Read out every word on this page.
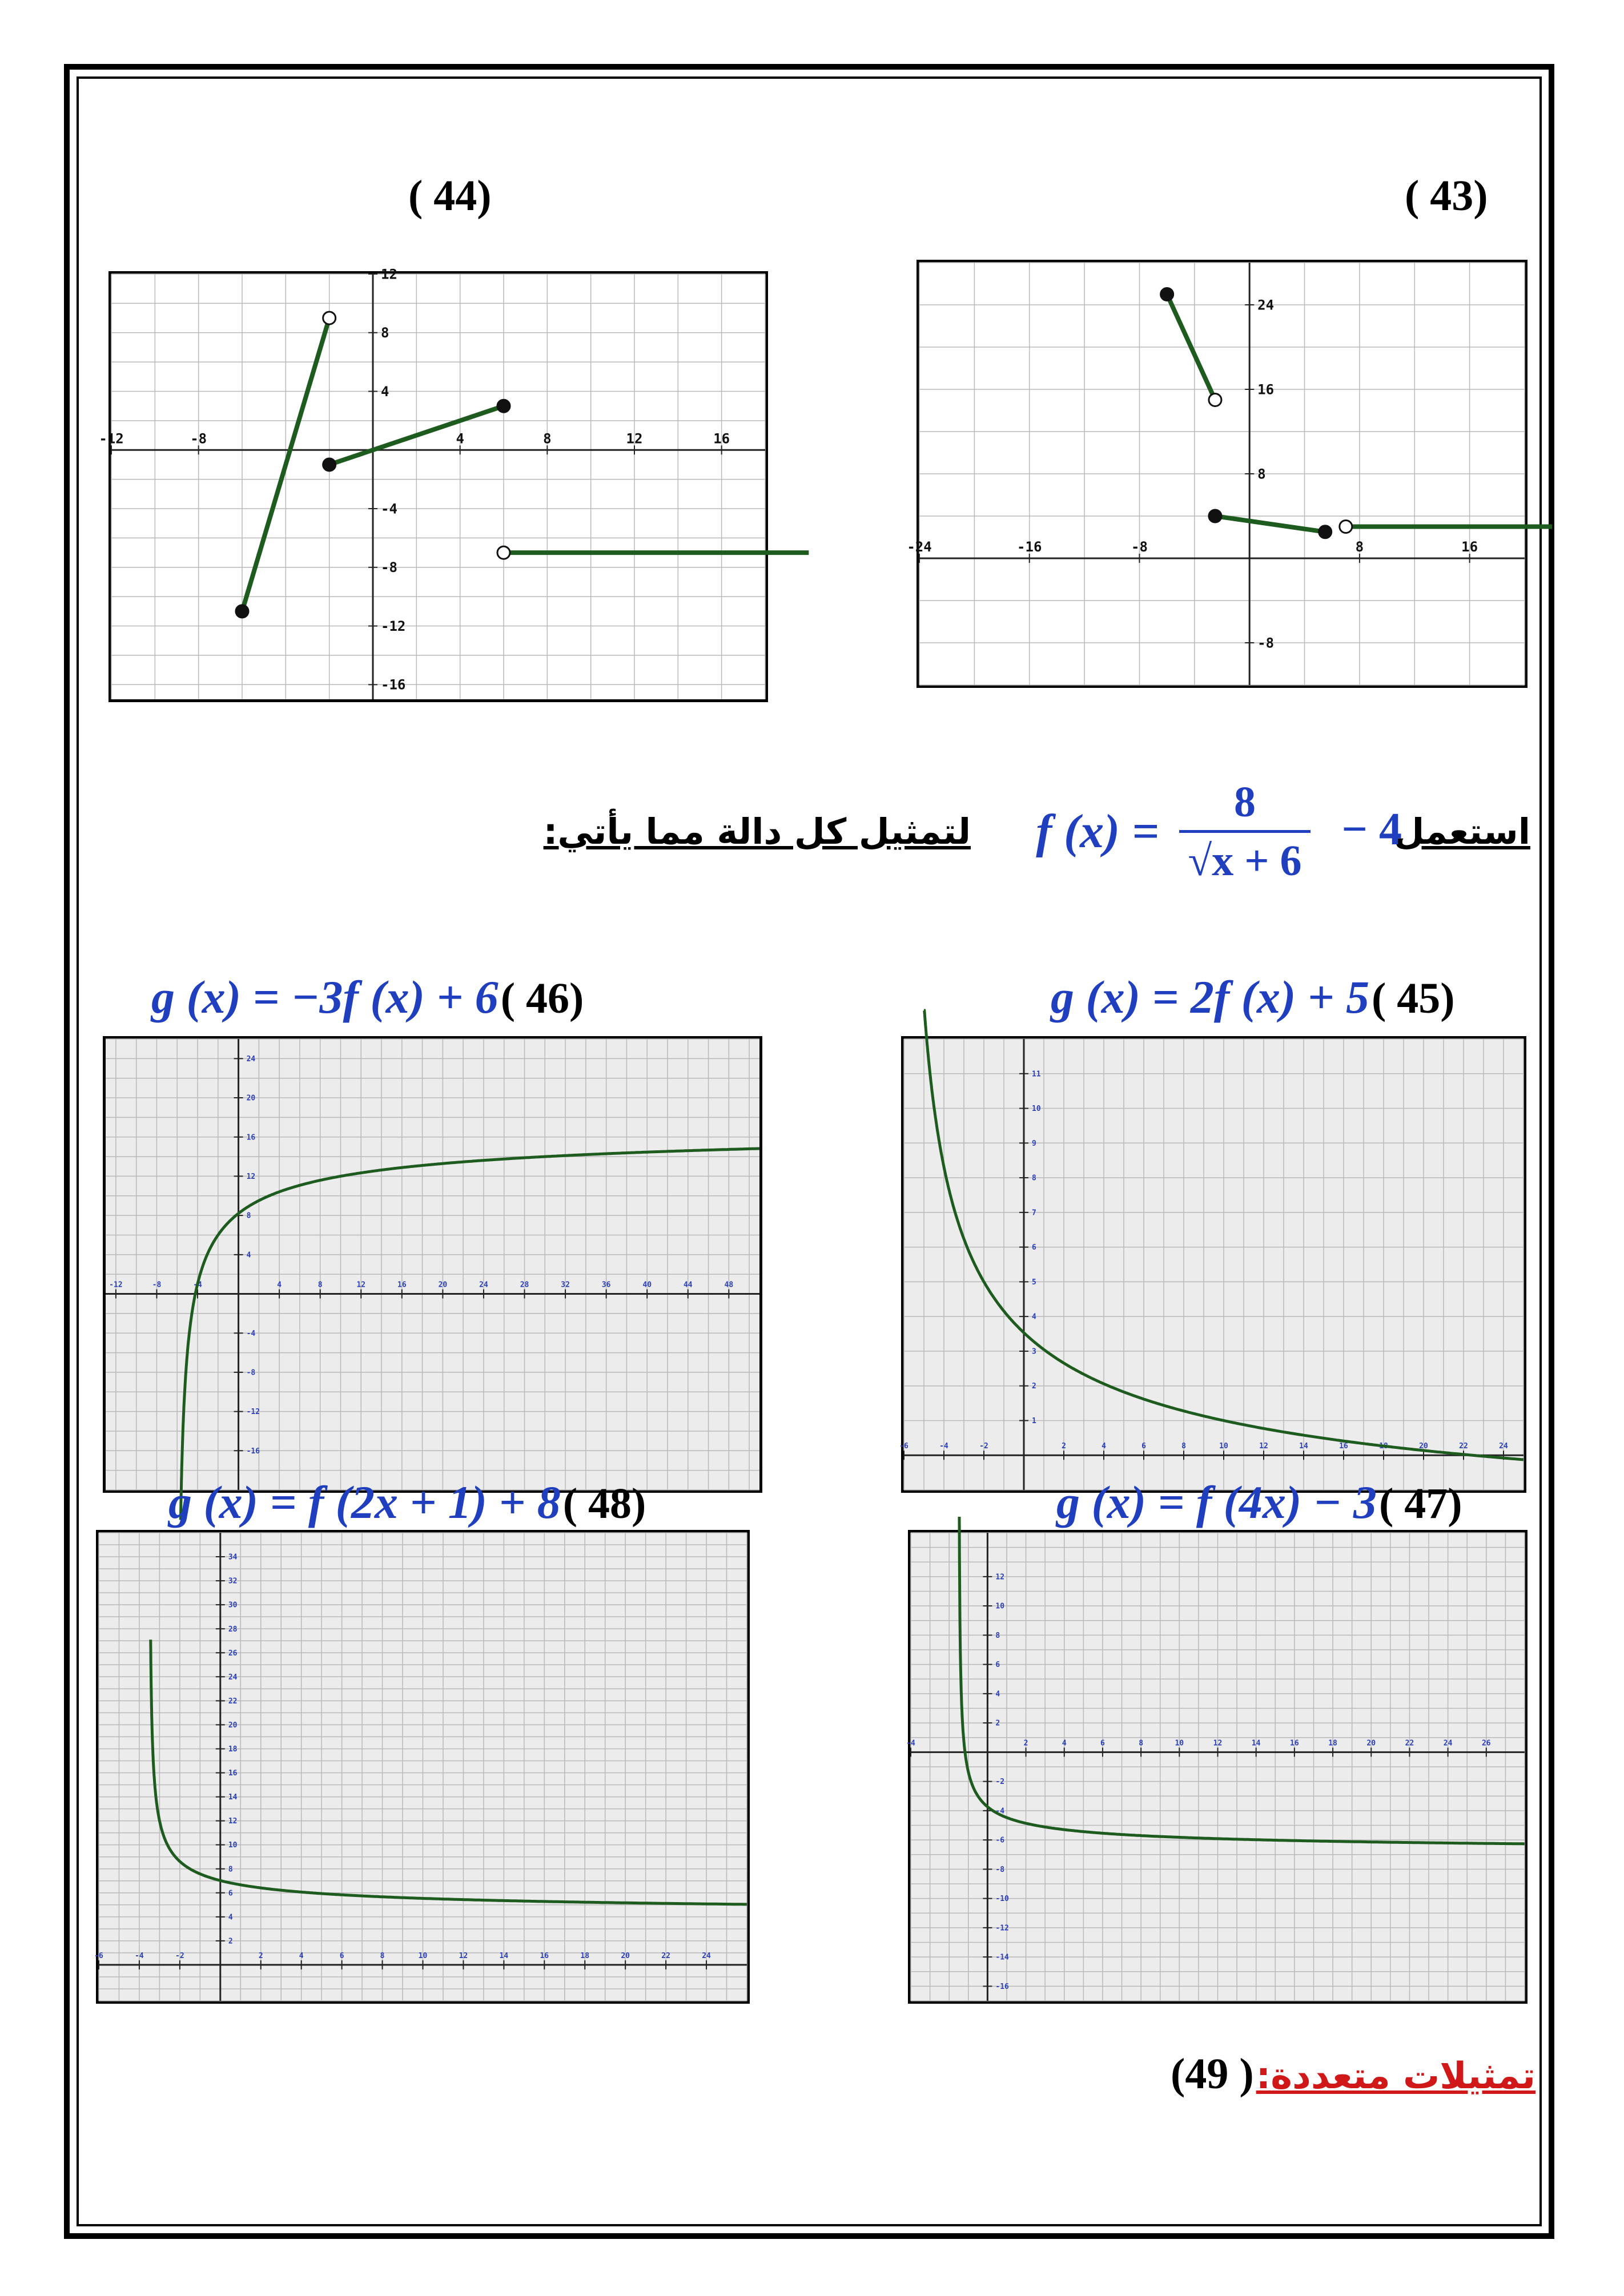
( 43)
( 44)
-24	-16	-8	8	16
-8
8
16
24
-12	-8	4	8	12	16
12
8
4
-4
-8
-12
-16
استعمل
− 4
8
√x + 6
f (x) =
لتمثيل كل دالة مما يأتي:
g (x) = 2f (x) + 5 ( 45)
g (x) = −3f (x) + 6 ( 46)
-6	-4	-2	2	4	6	8	10	12	14	16	18	20	22	24
1
2
3
4
5
6
7
8
9
10
11
-12	-8	-4	4	8	12	16	20	24	28	32	36	40	44	48
-16
-12
-8
-4
4
8
12
16
20
24
g (x) = f (4x) − 3 ( 47)
g (x) = f (2x + 1) + 8 ( 48)
-4	2	4	6	8	10	12	14	16	18	20	22	24	26
12
10
8
6
4
2
-2
-4
-6
-8
-10
-12
-14
-16
-6	-4	-2	2	4	6	8	10	12	14	16	18	20	22	24
2
4
6
8
10
12
14
16
18
20
22
24
26
28
30
32
34
تمثيلات متعددة: ( 49)
